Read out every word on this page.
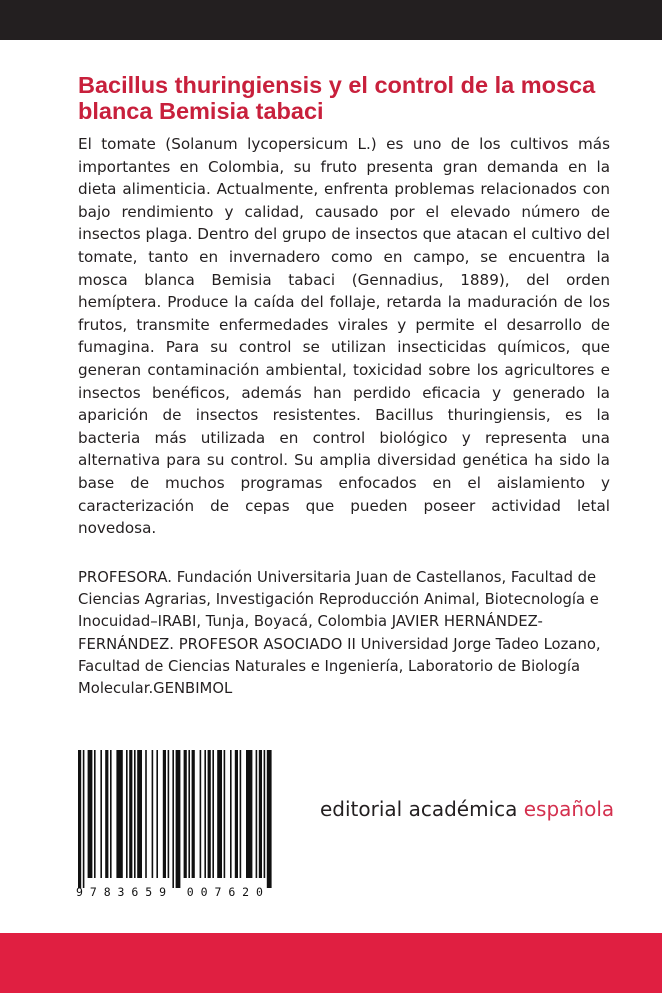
Bacillus thuringiensis y el control de la mosca blanca Bemisia tabaci

El tomate (Solanum lycopersicum L.) es uno de los cultivos más importantes en Colombia, su fruto presenta gran demanda en la dieta alimenticia. Actualmente, enfrenta problemas relacionados con bajo rendimiento y calidad, causado por el elevado número de insectos plaga. Dentro del grupo de insectos que atacan el cultivo del tomate, tanto en invernadero como en campo, se encuentra la mosca blanca Bemisia tabaci (Gennadius, 1889), del orden hemíptera. Produce la caída del follaje, retarda la maduración de los frutos, transmite enfermedades virales y permite el desarrollo de fumagina. Para su control se utilizan insecticidas químicos, que generan contaminación ambiental, toxicidad sobre los agricultores e insectos benéficos, además han perdido eficacia y generado la aparición de insectos resistentes. Bacillus thuringiensis, es la bacteria más utilizada en control biológico y representa una alternativa para su control. Su amplia diversidad genética ha sido la base de muchos programas enfocados en el aislamiento y caracterización de cepas que pueden poseer actividad letal novedosa.

PROFESORA. Fundación Universitaria Juan de Castellanos, Facultad de Ciencias Agrarias, Investigación Reproducción Animal, Biotecnología e Inocuidad–IRABI, Tunja, Boyacá, Colombia JAVIER HERNÁNDEZ-FERNÁNDEZ. PROFESOR ASOCIADO II Universidad Jorge Tadeo Lozano, Facultad de Ciencias Naturales e Ingeniería, Laboratorio de Biología Molecular.GENBIMOL

9 7 8 3 6 5 9   0 0 7 6 2 0
editorial académica española
